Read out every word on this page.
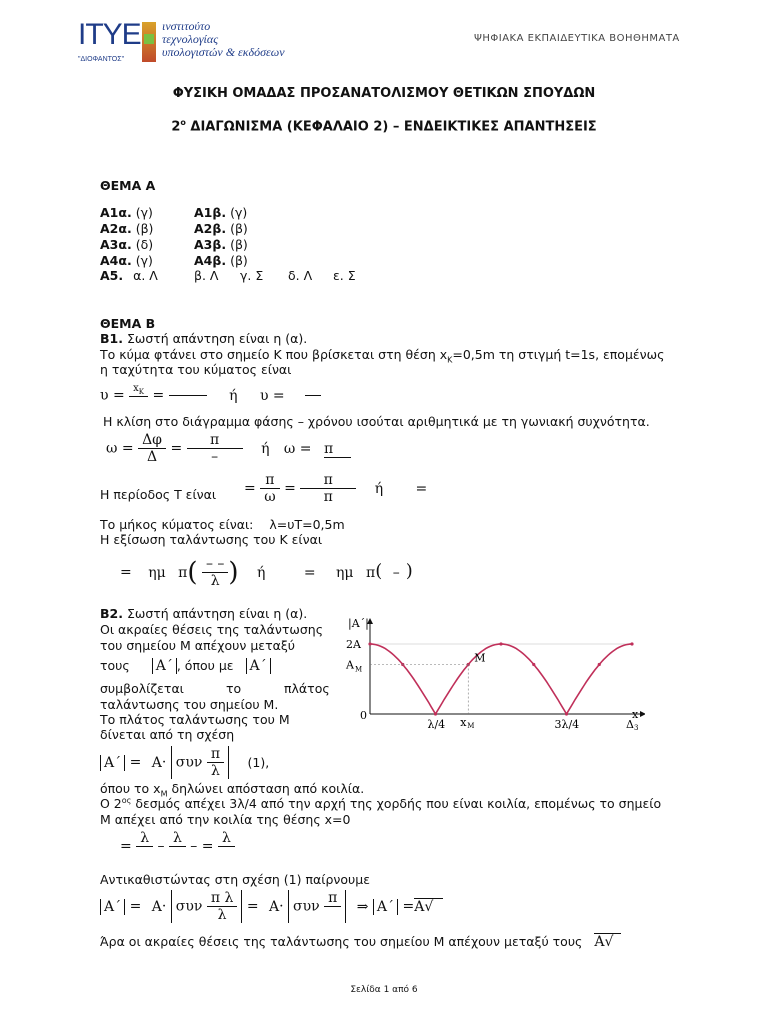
ΙΤΥΕ
"ΔΙΟΦΑΝΤΟΣ"
ινστιτούτο
τεχνολογίας
υπολογιστών & εκδόσεων
ΨΗΦΙΑΚΑ ΕΚΠΑΙΔΕΥΤΙΚΑ ΒΟΗΘΗΜΑΤΑ
ΦΥΣΙΚΗ ΟΜΑΔΑΣ ΠΡΟΣΑΝΑΤΟΛΙΣΜΟΥ ΘΕΤΙΚΩΝ ΣΠΟΥΔΩΝ
$2^o$ ΔΙΑΓΩΝΙΣΜΑ (ΚΕΦΑΛΑΙΟ 2) – ΕΝΔΕΙΚΤΙΚΕΣ ΑΠΑΝΤΗΣΕΙΣ
ΘΕΜΑ Α
Α1α. (γ)	Α1β. (γ)
Α2α. (β)	Α2β. (β)
Α3α. (δ)	Α3β. (β)
Α4α. (γ)	Α4β. (β)
Α5. α. Λ	β. Λ γ. Σ δ. Λ ε. Σ
ΘΕΜΑ Β
Β1. Σωστή απάντηση είναι η (α).
Το κύμα φτάνει στο σημείο Κ που βρίσκεται στη θέση $x_K=0,5m$ τη στιγμή t=1s, επομένως
η ταχύτητα του κύματος είναι
$\upsilon = x_K$
=	ή υ =
Η κλίση στο διάγραμμα φάσης – χρόνου ισούται αριθμητικά με τη γωνιακή συχνότητα.
$\omega = \frac{\Delta\varphi}{\Delta} = \frac{\pi}{-}$ ή ω = π
Η περίοδος T $\varepsilon ί\nu\alpha\iota = \frac{\pi}{\omega} = \frac{\pi}{\pi}$ ή =
Το μήκος κύματος είναι: λ=υT=0,5m
Η εξίσωση ταλάντωσης του Κ είναι
= ημ $\pi( \frac{- -}{\lambda}$ ) ή	= ημ π( – )
Β2. Σωστή απάντηση είναι η (α).
Οι ακραίες θέσεις της ταλάντωσης
του σημείου Μ απέχουν μεταξύ
τους A΄ , όπου με A΄
συμβολίζεται	το	πλάτος
ταλάντωσης του σημείου Μ.
Το πλάτος ταλάντωσης του Μ
δίνεται από τη σχέση
A΄ = A· συν $\frac{\pi}{\lambda} (1)$,
όπου το $x_M$ δηλώνει απόσταση από κοιλία.
Ο $2^{o\varsigma}$ δεσμός απέχει 3λ/4 από την αρχή της χορδής που είναι κοιλία, επομένως το σημείο
Μ απέχει από την κοιλία της θέσης x=0
=
λ

–
λ

– =
λ

Αντικαθιστώντας στη σχέση (1) παίρνουμε
A΄ = A· συν $\frac{\text{π λ}}{\lambda} = A\cdot \sigma\upsilon\nu$
π

⇒ A΄ =A√
Άρα οι ακραίες θέσεις της ταλάντωσης του σημείου Μ απέχουν μεταξύ τους A√
M
|A΄|
2A
A M
0
λ/4 x M	3λ/4	Δ 3
x
Σελίδα 1 από 6
